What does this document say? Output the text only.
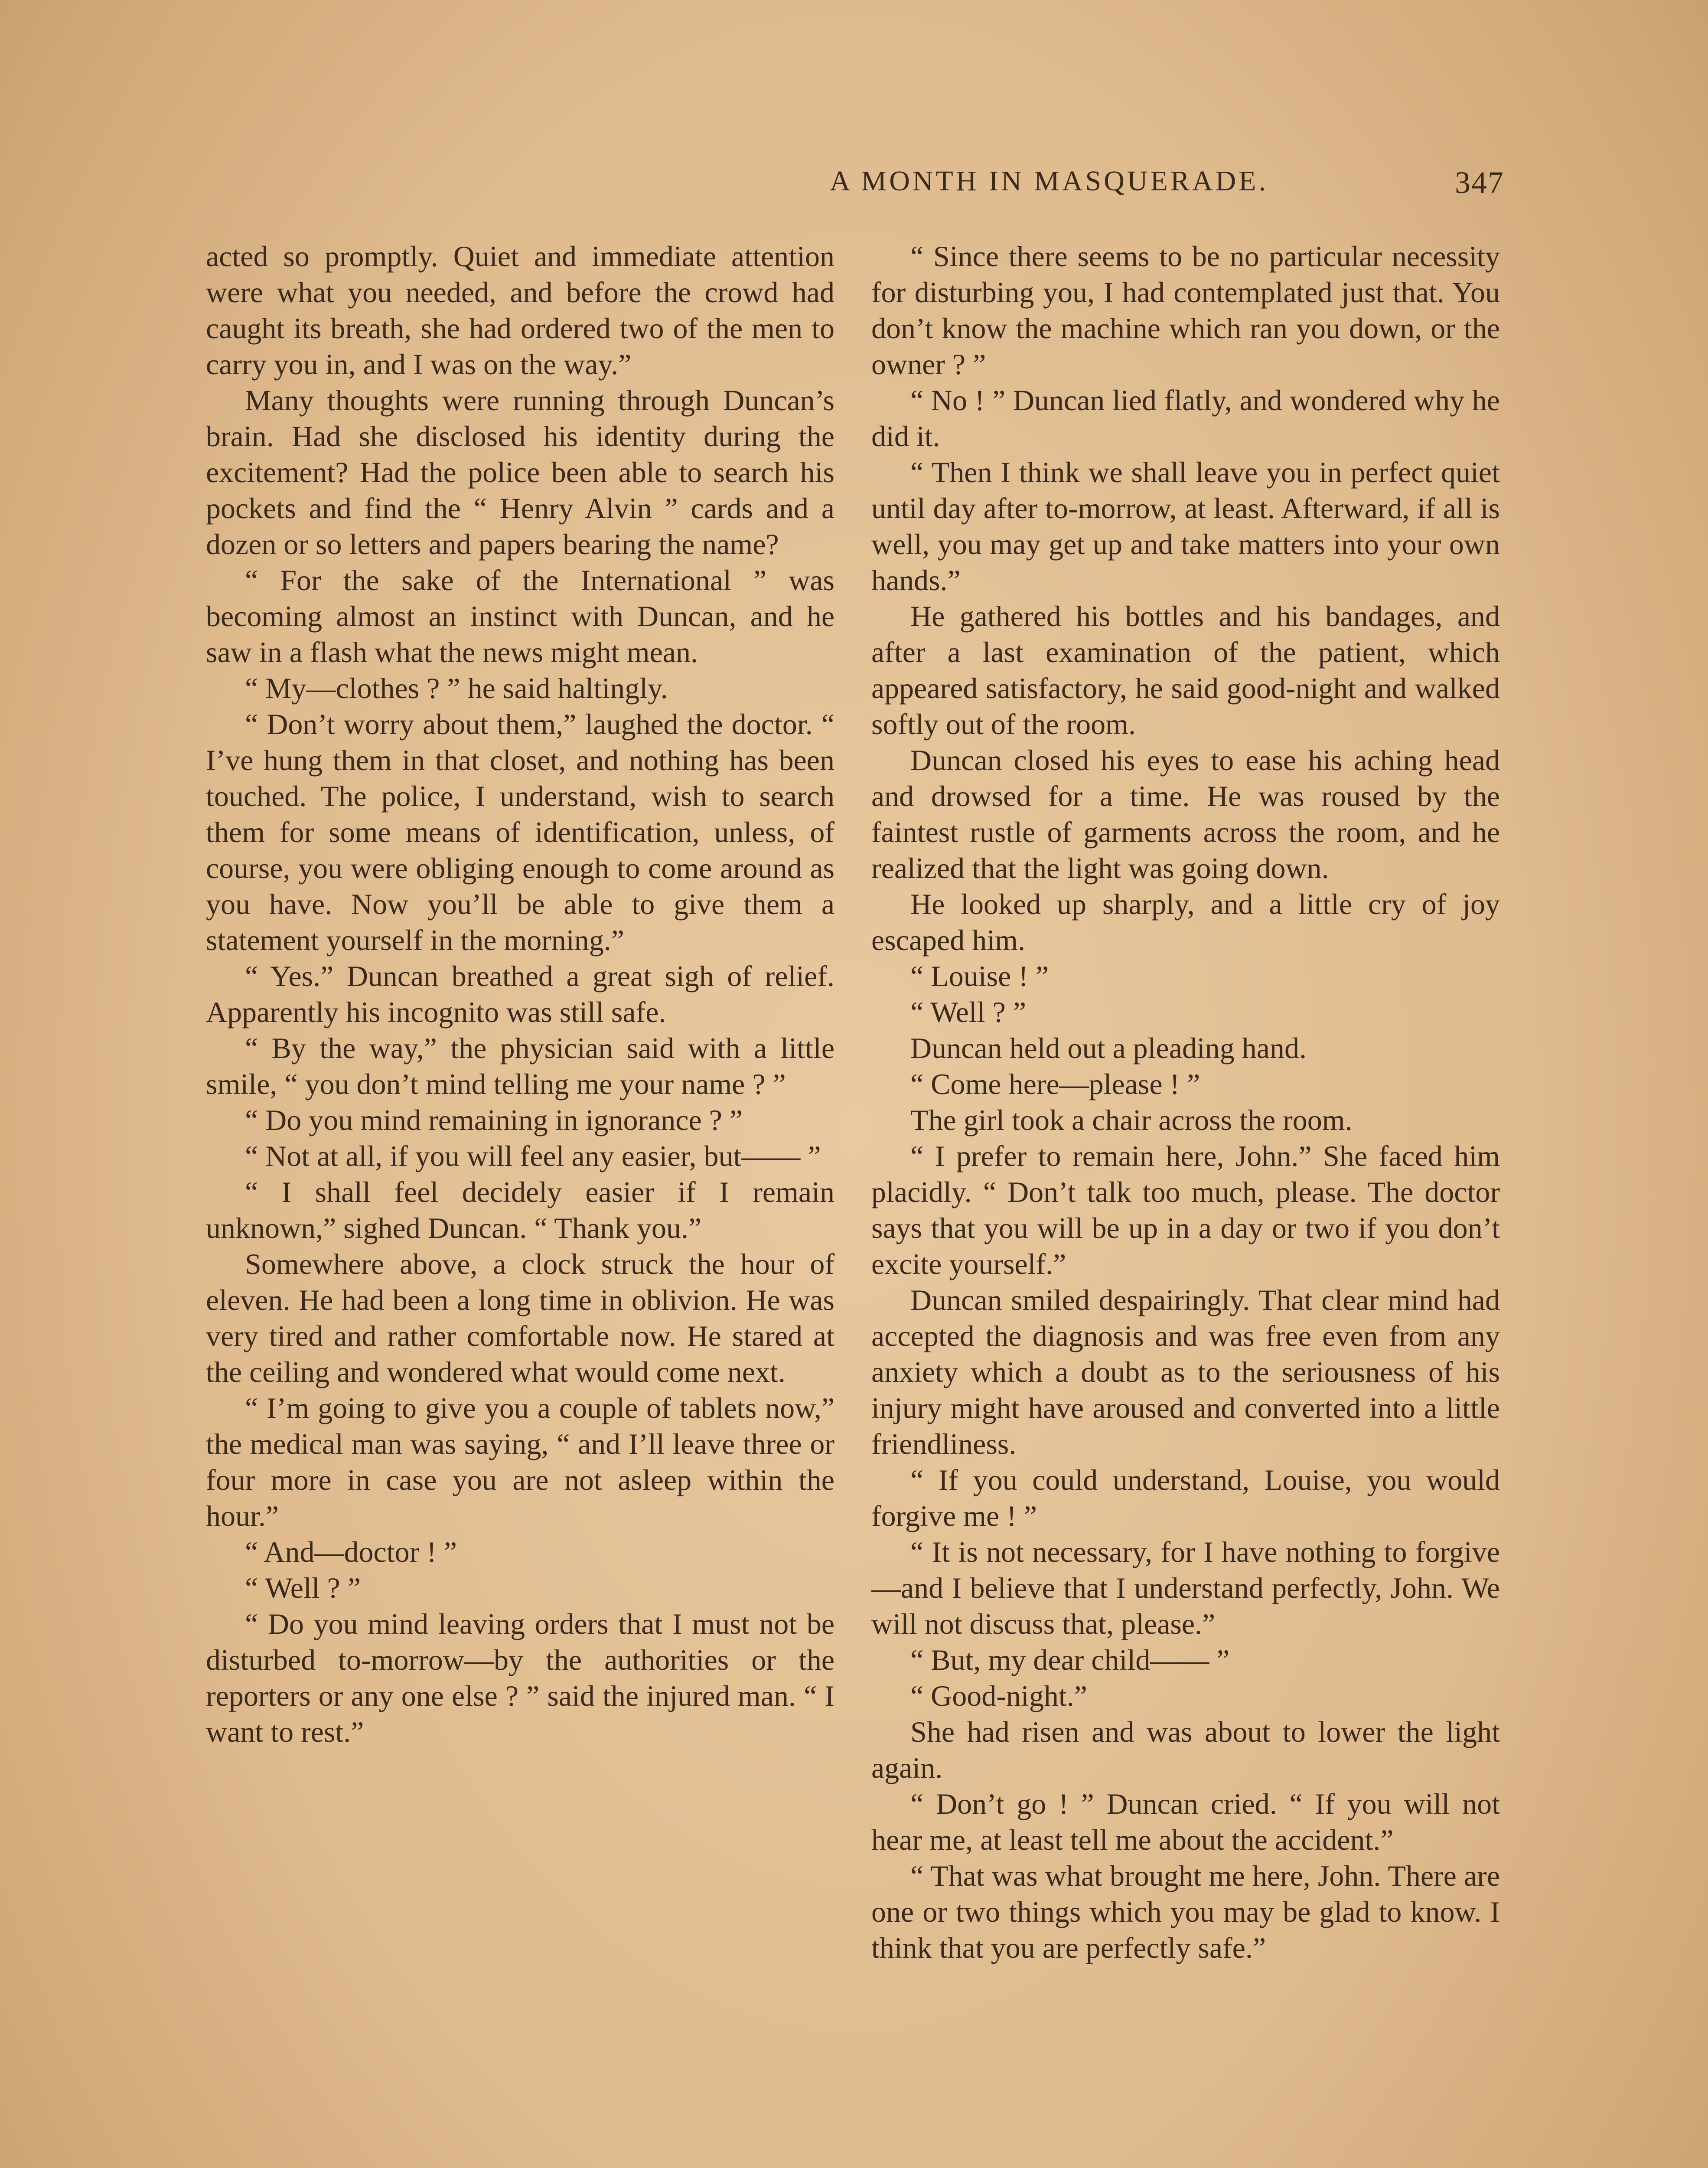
A MONTH IN MASQUERADE.	347

acted so promptly. Quiet and immediate attention were what you needed, and before the crowd had caught its breath, she had ordered two of the men to carry you in, and I was on the way.”

Many thoughts were running through Duncan’s brain. Had she disclosed his identity during the excitement? Had the police been able to search his pockets and find the “ Henry Alvin ” cards and a dozen or so letters and papers bearing the name?

“ For the sake of the International ” was becoming almost an instinct with Duncan, and he saw in a flash what the news might mean.

“ My—clothes ? ” he said haltingly.

“ Don’t worry about them,” laughed the doctor. “ I’ve hung them in that closet, and nothing has been touched. The police, I understand, wish to search them for some means of identification, unless, of course, you were obliging enough to come around as you have. Now you’ll be able to give them a statement yourself in the morning.”

“ Yes.” Duncan breathed a great sigh of relief. Apparently his incognito was still safe.

“ By the way,” the physician said with a little smile, “ you don’t mind telling me your name ? ”

“ Do you mind remaining in ignorance ? ”

“ Not at all, if you will feel any easier, but—— ”

“ I shall feel decidely easier if I remain unknown,” sighed Duncan. “ Thank you.”

Somewhere above, a clock struck the hour of eleven. He had been a long time in oblivion. He was very tired and rather comfortable now. He stared at the ceiling and wondered what would come next.

“ I’m going to give you a couple of tablets now,” the medical man was saying, “ and I’ll leave three or four more in case you are not asleep within the hour.”

“ And—doctor ! ”

“ Well ? ”

“ Do you mind leaving orders that I must not be disturbed to-morrow—by the authorities or the reporters or any one else ? ” said the injured man. “ I want to rest.”

“ Since there seems to be no particular necessity for disturbing you, I had contemplated just that. You don’t know the machine which ran you down, or the owner ? ”

“ No ! ” Duncan lied flatly, and wondered why he did it.

“ Then I think we shall leave you in perfect quiet until day after to-morrow, at least. Afterward, if all is well, you may get up and take matters into your own hands.”

He gathered his bottles and his bandages, and after a last examination of the patient, which appeared satisfactory, he said good-night and walked softly out of the room.

Duncan closed his eyes to ease his aching head and drowsed for a time. He was roused by the faintest rustle of garments across the room, and he realized that the light was going down.

He looked up sharply, and a little cry of joy escaped him.

“ Louise ! ”

“ Well ? ”

Duncan held out a pleading hand.

“ Come here—please ! ”

The girl took a chair across the room.

“ I prefer to remain here, John.” She faced him placidly. “ Don’t talk too much, please. The doctor says that you will be up in a day or two if you don’t excite yourself.”

Duncan smiled despairingly. That clear mind had accepted the diagnosis and was free even from any anxiety which a doubt as to the seriousness of his injury might have aroused and converted into a little friendliness.

“ If you could understand, Louise, you would forgive me ! ”

“ It is not necessary, for I have nothing to forgive—and I believe that I understand perfectly, John. We will not discuss that, please.”

“ But, my dear child—— ”

“ Good-night.”

She had risen and was about to lower the light again.

“ Don’t go ! ” Duncan cried. “ If you will not hear me, at least tell me about the accident.”

“ That was what brought me here, John. There are one or two things which you may be glad to know. I think that you are perfectly safe.”
